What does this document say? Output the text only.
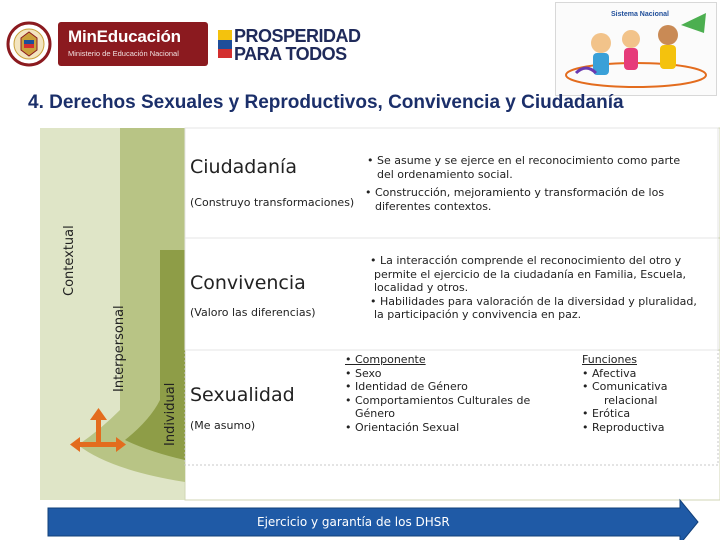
MinEducación
Ministerio de Educación Nacional
PROSPERIDAD
PARA TODOS
Sistema Nacional
4. Derechos Sexuales y Reproductivos, Convivencia y Ciudadanía
Contextual
Interpersonal
Individual
Ciudadanía
(Construyo transformaciones)
• Se asume y se ejerce en el reconocimiento como parte
del ordenamiento social.
• Construcción, mejoramiento y transformación de los
diferentes contextos.
Convivencia
(Valoro las diferencias)
• La interacción comprende el reconocimiento del otro y
permite el ejercicio de la ciudadanía en Familia, Escuela,
localidad y otros.
• Habilidades para valoración de la diversidad y pluralidad,
la participación y convivencia en paz.
Sexualidad
(Me asumo)
• Componente
• Sexo
• Identidad de Género
• Comportamientos Culturales de
Género
• Orientación Sexual
Funciones
• Afectiva
• Comunicativa
relacional
• Erótica
• Reproductiva
Ejercicio y garantía de los DHSR
